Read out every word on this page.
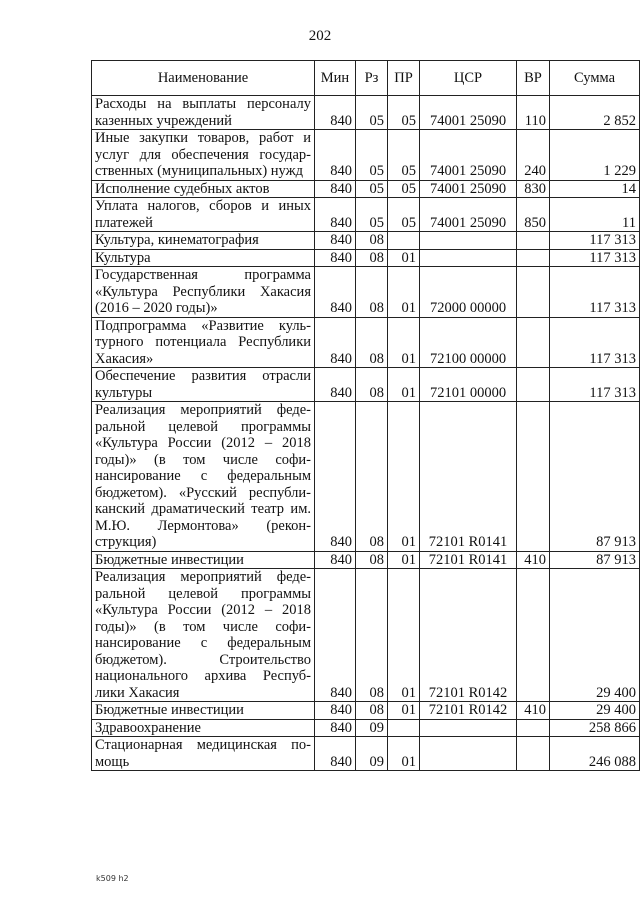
202
Наименование	Мин	Рз	ПР	ЦСР	ВР	Сумма
Расходы на выплаты персоналу казенных учреждений	840	05	05	74001 25090	110	2 852
Иные закупки товаров, работ и услуг для обеспечения государ-ственных (муниципальных) нужд	840	05	05	74001 25090	240	1 229
Исполнение судебных актов	840	05	05	74001 25090	830	14
Уплата налогов, сборов и иных платежей	840	05	05	74001 25090	850	11
Культура, кинематография	840	08				117 313
Культура	840	08	01			117 313
Государственная программа «Культура Республики Хакасия (2016 – 2020 годы)»	840	08	01	72000 00000		117 313
Подпрограмма «Развитие куль-турного потенциала Республики Хакасия»	840	08	01	72100 00000		117 313
Обеспечение развития отрасли культуры	840	08	01	72101 00000		117 313
Реализация мероприятий феде-ральной целевой программы «Культура России (2012 – 2018 годы)» (в том числе софи-нансирование с федеральным бюджетом). «Русский республи-канский драматический театр им. М.Ю. Лермонтова» (рекон-струкция)	840	08	01	72101 R0141		87 913
Бюджетные инвестиции	840	08	01	72101 R0141	410	87 913
Реализация мероприятий феде-ральной целевой программы «Культура России (2012 – 2018 годы)» (в том числе софи-нансирование с федеральным бюджетом). Строительство национального архива Респуб-лики Хакасия	840	08	01	72101 R0142		29 400
Бюджетные инвестиции	840	08	01	72101 R0142	410	29 400
Здравоохранение	840	09				258 866
Стационарная медицинская по-мощь	840	09	01			246 088
k509 h2
